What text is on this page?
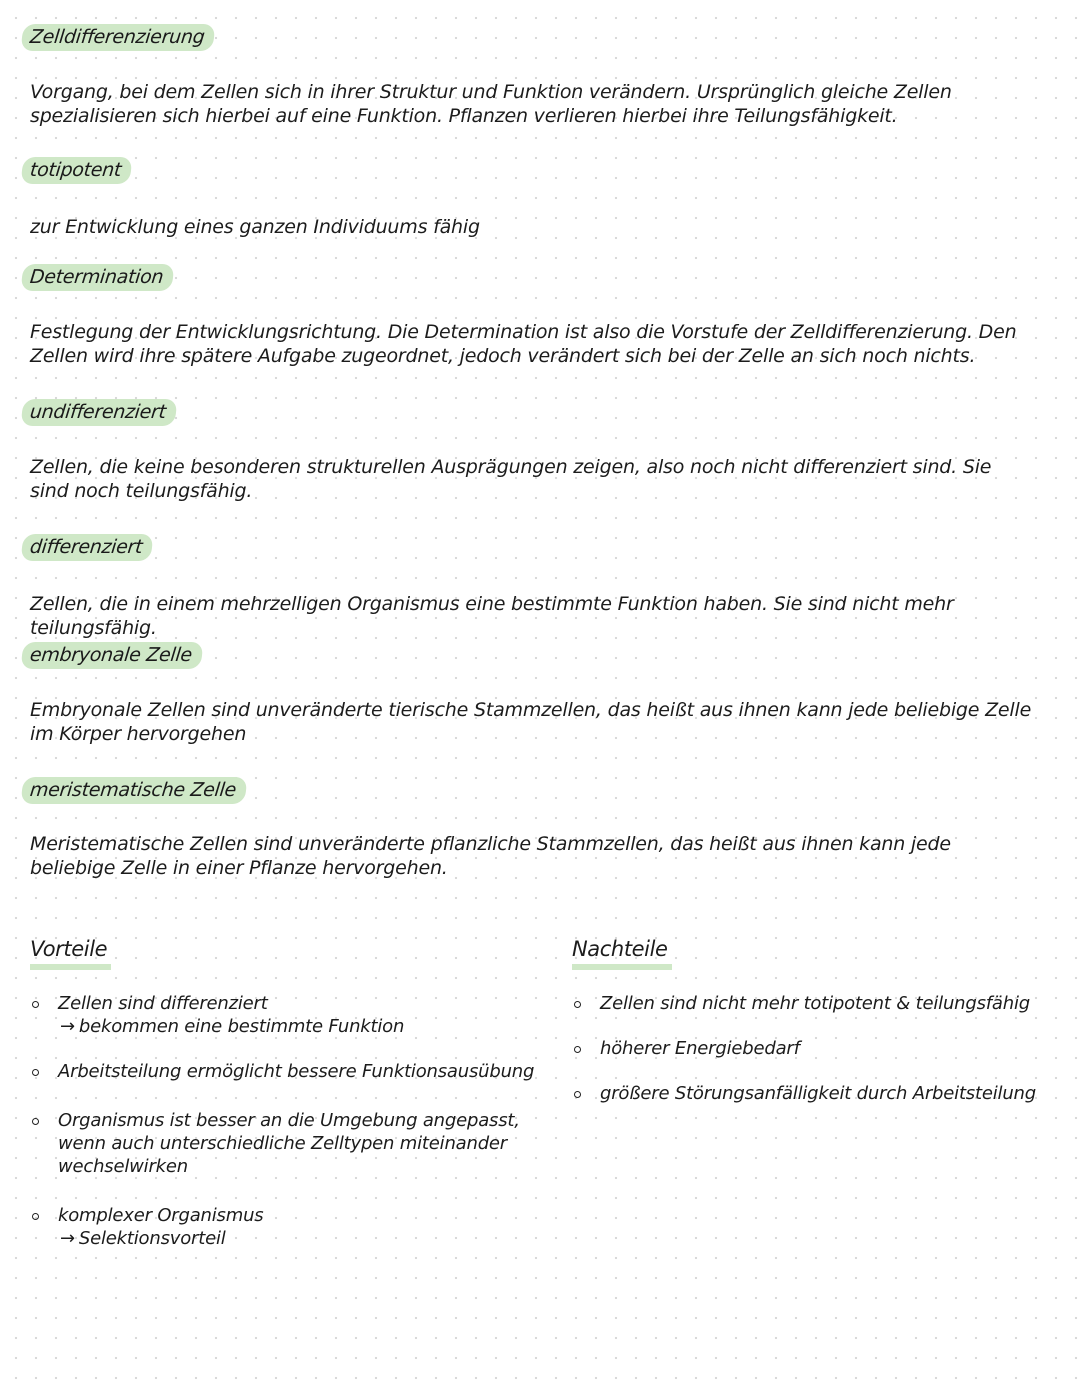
Zelldifferenzierung
Vorgang, bei dem Zellen sich in ihrer Struktur und Funktion verändern. Ursprünglich gleiche Zellen spezialisieren sich hierbei auf eine Funktion. Pflanzen verlieren hierbei ihre Teilungsfähigkeit.
totipotent
zur Entwicklung eines ganzen Individuums fähig
Determination
Festlegung der Entwicklungsrichtung. Die Determination ist also die Vorstufe der Zelldifferenzierung. Den Zellen wird ihre spätere Aufgabe zugeordnet, jedoch verändert sich bei der Zelle an sich noch nichts.
undifferenziert
Zellen, die keine besonderen strukturellen Ausprägungen zeigen, also noch nicht differenziert sind. Sie sind noch teilungsfähig.
differenziert
Zellen, die in einem mehrzelligen Organismus eine bestimmte Funktion haben. Sie sind nicht mehr teilungsfähig.
embryonale Zelle
Embryonale Zellen sind unveränderte tierische Stammzellen, das heißt aus ihnen kann jede beliebige Zelle im Körper hervorgehen
meristematische Zelle
Meristematische Zellen sind unveränderte pflanzliche Stammzellen, das heißt aus ihnen kann jede beliebige Zelle in einer Pflanze hervorgehen.
Vorteile
Zellen sind differenziert
→ bekommen eine bestimmte Funktion
Arbeitsteilung ermöglicht bessere Funktionsausübung
Organismus ist besser an die Umgebung angepasst, wenn auch unterschiedliche Zelltypen miteinander wechselwirken
komplexer Organismus
→ Selektionsvorteil
Nachteile
Zellen sind nicht mehr totipotent & teilungsfähig
höherer Energiebedarf
größere Störungsanfälligkeit durch Arbeitsteilung
